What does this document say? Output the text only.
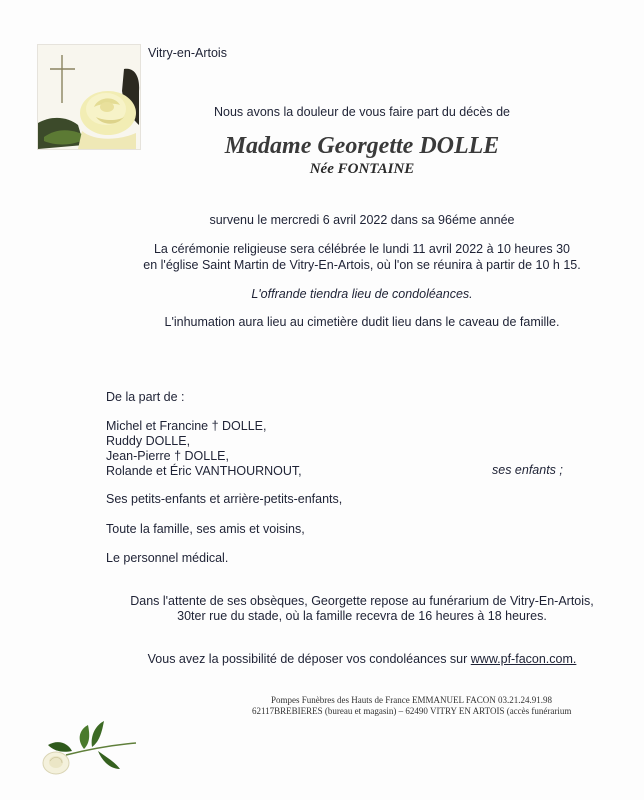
Vitry-en-Artois
Nous avons la douleur de vous faire part du décès de
Madame Georgette DOLLE
Née FONTAINE
survenu le mercredi 6 avril 2022 dans sa 96éme année
La cérémonie religieuse sera célébrée le lundi 11 avril 2022 à 10 heures 30
en l'église Saint Martin de Vitry-En-Artois, où l'on se réunira à partir de 10 h 15.
L'offrande tiendra lieu de condoléances.
L'inhumation aura lieu au cimetière dudit lieu dans le caveau de famille.
De la part de :
Michel et Francine † DOLLE,
Ruddy DOLLE,
Jean-Pierre † DOLLE,
Rolande et Éric VANTHOURNOUT,	ses enfants ;
Ses petits-enfants et arrière-petits-enfants,
Toute la famille, ses amis et voisins,
Le personnel médical.
Dans l'attente de ses obsèques, Georgette repose au funérarium de Vitry-En-Artois,
30ter rue du stade, où la famille recevra de 16 heures à 18 heures.
Vous avez la possibilité de déposer vos condoléances sur www.pf-facon.com.
Pompes Funèbres des Hauts de France EMMANUEL FACON 03.21.24.91.98
62117BREBIERES (bureau et magasin) – 62490 VITRY EN ARTOIS (accès funérarium
